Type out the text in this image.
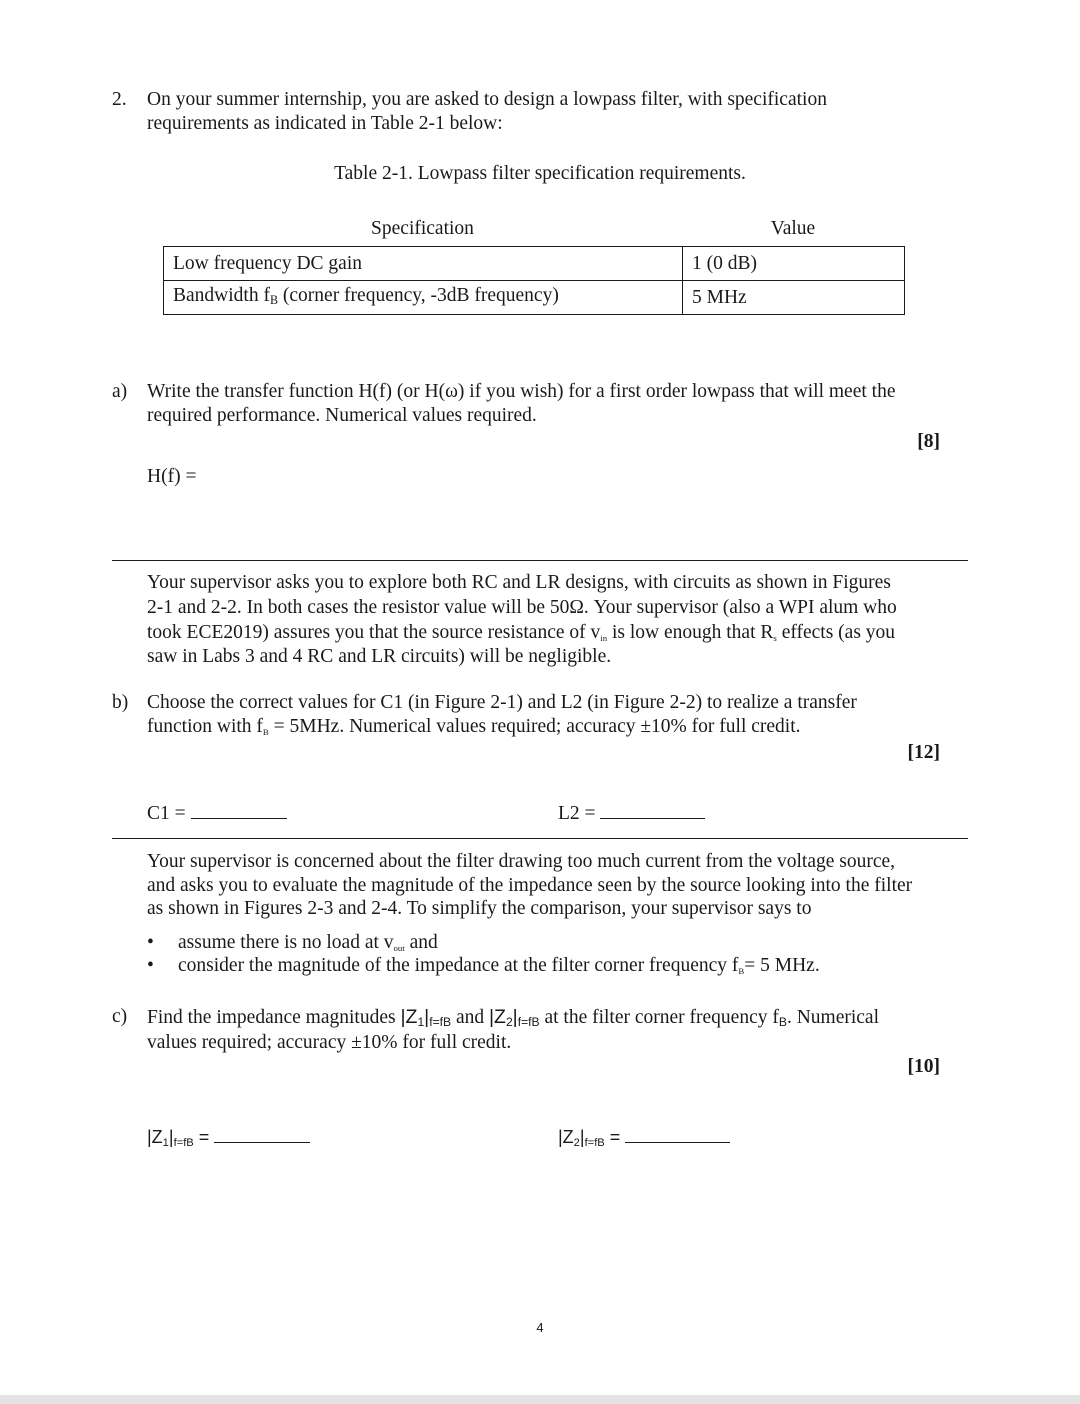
2. On your summer internship, you are asked to design a lowpass filter, with specification
requirements as indicated in Table 2-1 below:
Table 2-1. Lowpass filter specification requirements.
Specification	Value
Low frequency DC gain	1 (0 dB)
Bandwidth $f_B$ (corner frequency, -3dB frequency)	5 MHz
a) Write the transfer function H(f) (or H(ω) if you wish) for a first order lowpass that will meet the
required performance. Numerical values required.
[8]
H(f) =
Your supervisor asks you to explore both RC and LR designs, with circuits as shown in Figures
2-1 and 2-2. In both cases the resistor value will be 50Ω. Your supervisor (also a WPI alum who
took ECE2019) assures you that the source resistance of vin is low enough that Rs effects (as you
saw in Labs 3 and 4 RC and LR circuits) will be negligible.
b) Choose the correct values for C1 (in Figure 2-1) and L2 (in Figure 2-2) to realize a transfer
function with fB = 5MHz. Numerical values required; accuracy ±10% for full credit.
[12]
C1 =	L2 =
Your supervisor is concerned about the filter drawing too much current from the voltage source,
and asks you to evaluate the magnitude of the impedance seen by the source looking into the filter
as shown in Figures 2-3 and 2-4. To simplify the comparison, your supervisor says to
• assume there is no load at vout and
• consider the magnitude of the impedance at the filter corner frequency fB= 5 MHz.
c) Find the impedance magnitudes $|Z_1|_{f=fB}$ and $|Z_2|_{f=fB}$ at the filter corner frequency $f_B$. Numerical
values required; accuracy ±10% for full credit.
[10]
$|Z_1|_{f=fB}$ =	$|Z_2|_{f=fB}$ =
4
